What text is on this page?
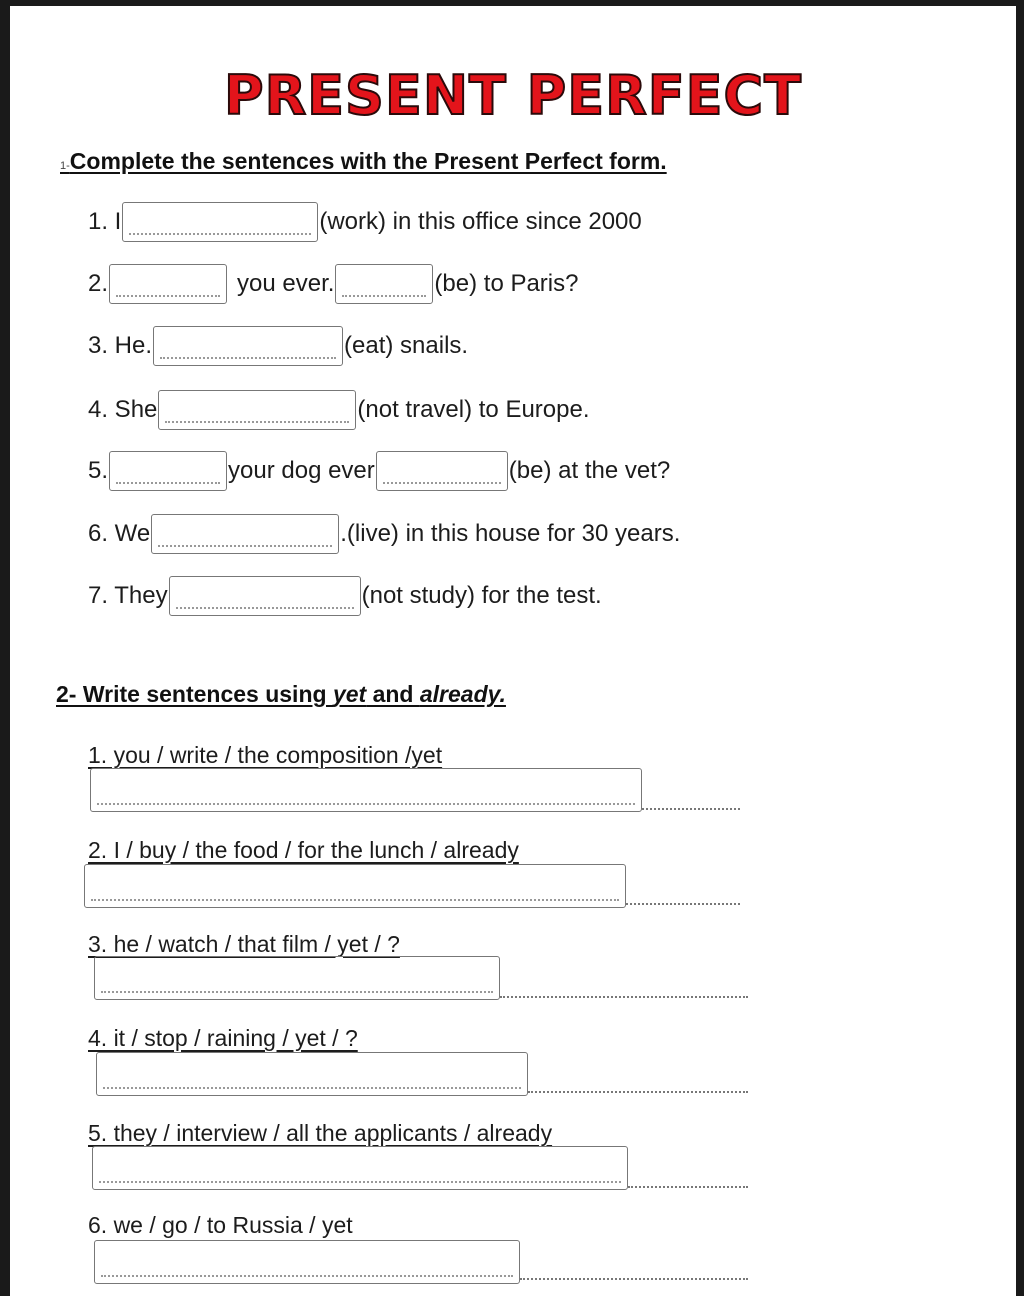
PRESENT PERFECT
1-Complete the sentences with the Present Perfect form.
1. I	(work) in this office since 2000
2.	you ever.	(be) to Paris?
3. He.	(eat) snails.
4. She	(not travel) to Europe.
5.	your dog ever	(be) at the vet?
6. We	.(live) in this house for 30 years.
7. They	(not study) for the test.
2- Write sentences using yet and already.
1. you / write / the composition /yet
2. I / buy / the food / for the lunch / already
3. he / watch / that film / yet / ?
4. it / stop / raining / yet / ?
5. they / interview / all the applicants / already
6. we / go / to Russia / yet
